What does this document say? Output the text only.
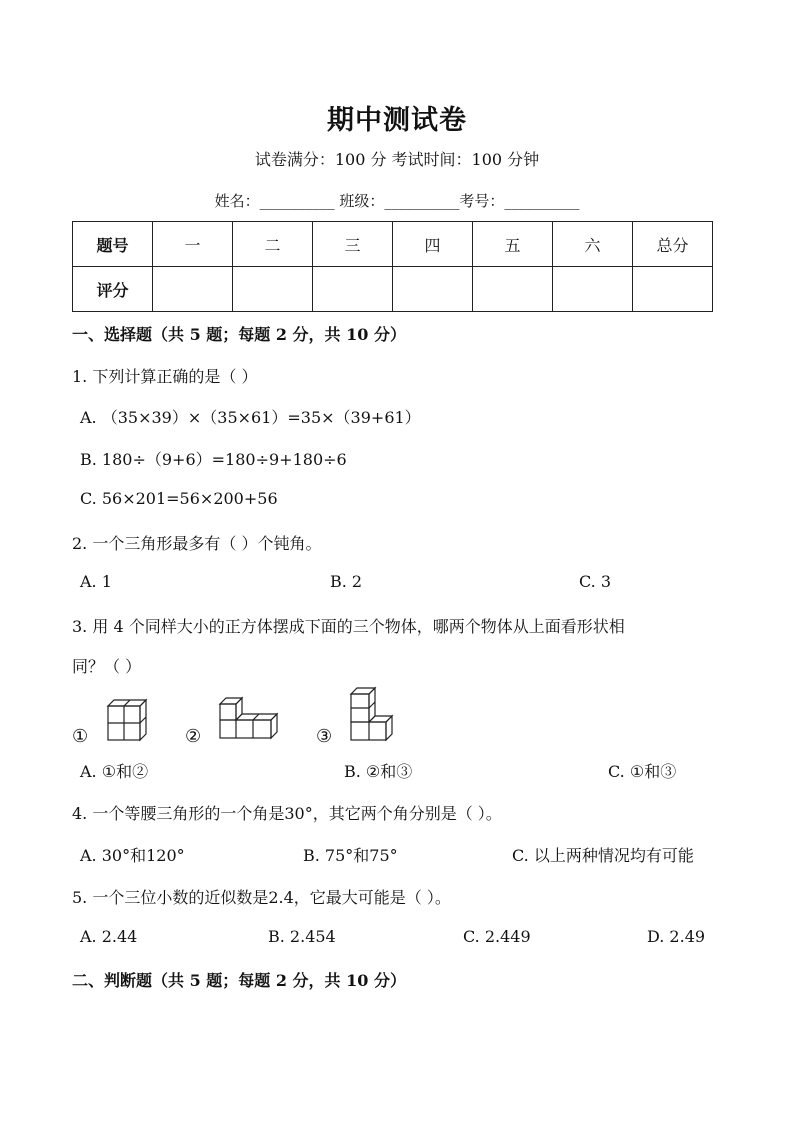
期中测试卷
试卷满分：100 分 考试时间：100 分钟
姓名：__________ 班级：__________考号：__________
题号	一	二	三	四	五	六	总分
评分							
一、选择题（共 5 题；每题 2 分，共 10 分）
1. 下列计算正确的是（ ）
A. （35×39）×（35×61）=35×（39+61）
B. 180÷（9+6）=180÷9+180÷6
C. 56×201=56×200+56
2. 一个三角形最多有（ ）个钝角。
A. 1	B. 2	C. 3
3. 用 4 个同样大小的正方体摆成下面的三个物体，哪两个物体从上面看形状相
同？（ ）
①	②	③
A. ①和②	B. ②和③	C. ①和③
4. 一个等腰三角形的一个角是30°，其它两个角分别是（ ）。
A. 30°和120°	B. 75°和75°	C. 以上两种情况均有可能
5. 一个三位小数的近似数是2.4，它最大可能是（ ）。
A. 2.44	B. 2.454	C. 2.449	D. 2.49
二、判断题（共 5 题；每题 2 分，共 10 分）
